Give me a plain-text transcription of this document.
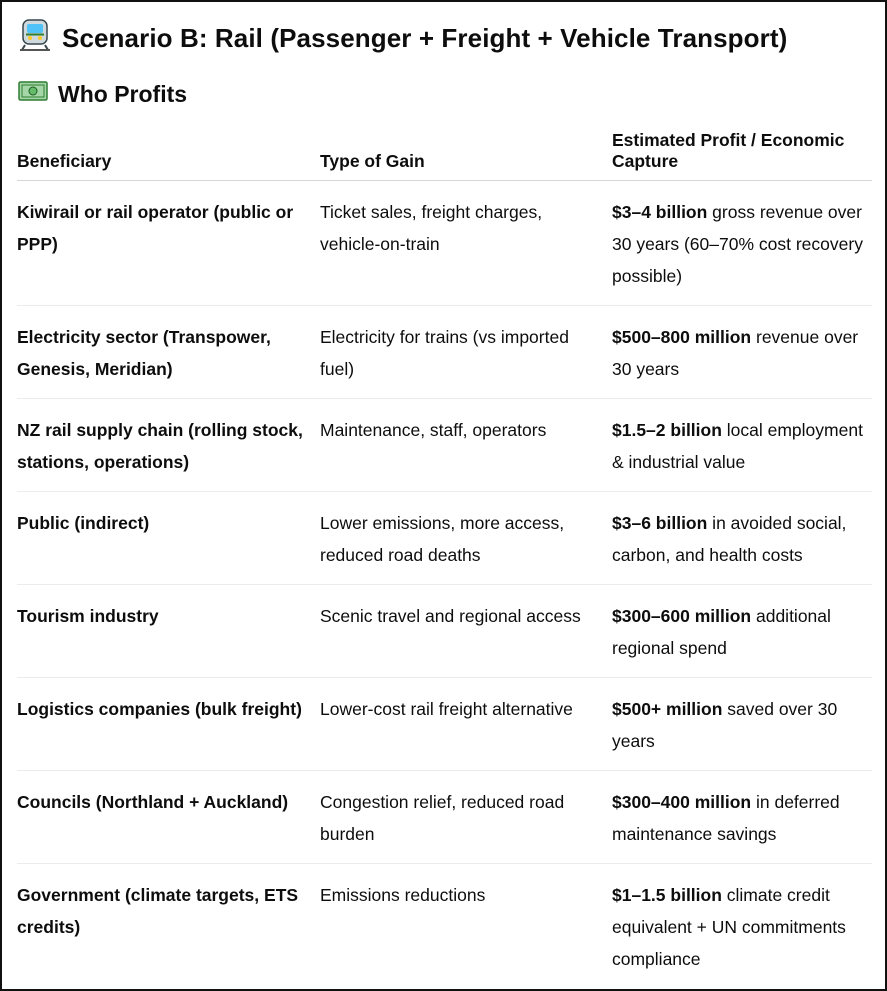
Scenario B: Rail (Passenger + Freight + Vehicle Transport)
Who Profits
Beneficiary	Type of Gain	Estimated Profit / Economic Capture
Kiwirail or rail operator (public or PPP)	Ticket sales, freight charges, vehicle-on-train	$3–4 billion gross revenue over 30 years (60–70% cost recovery possible)
Electricity sector (Transpower, Genesis, Meridian)	Electricity for trains (vs imported fuel)	$500–800 million revenue over 30 years
NZ rail supply chain (rolling stock, stations, operations)	Maintenance, staff, operators	$1.5–2 billion local employment & industrial value
Public (indirect)	Lower emissions, more access, reduced road deaths	$3–6 billion in avoided social, carbon, and health costs
Tourism industry	Scenic travel and regional access	$300–600 million additional regional spend
Logistics companies (bulk freight)	Lower-cost rail freight alternative	$500+ million saved over 30 years
Councils (Northland + Auckland)	Congestion relief, reduced road burden	$300–400 million in deferred maintenance savings
Government (climate targets, ETS credits)	Emissions reductions	$1–1.5 billion climate credit equivalent + UN commitments compliance
